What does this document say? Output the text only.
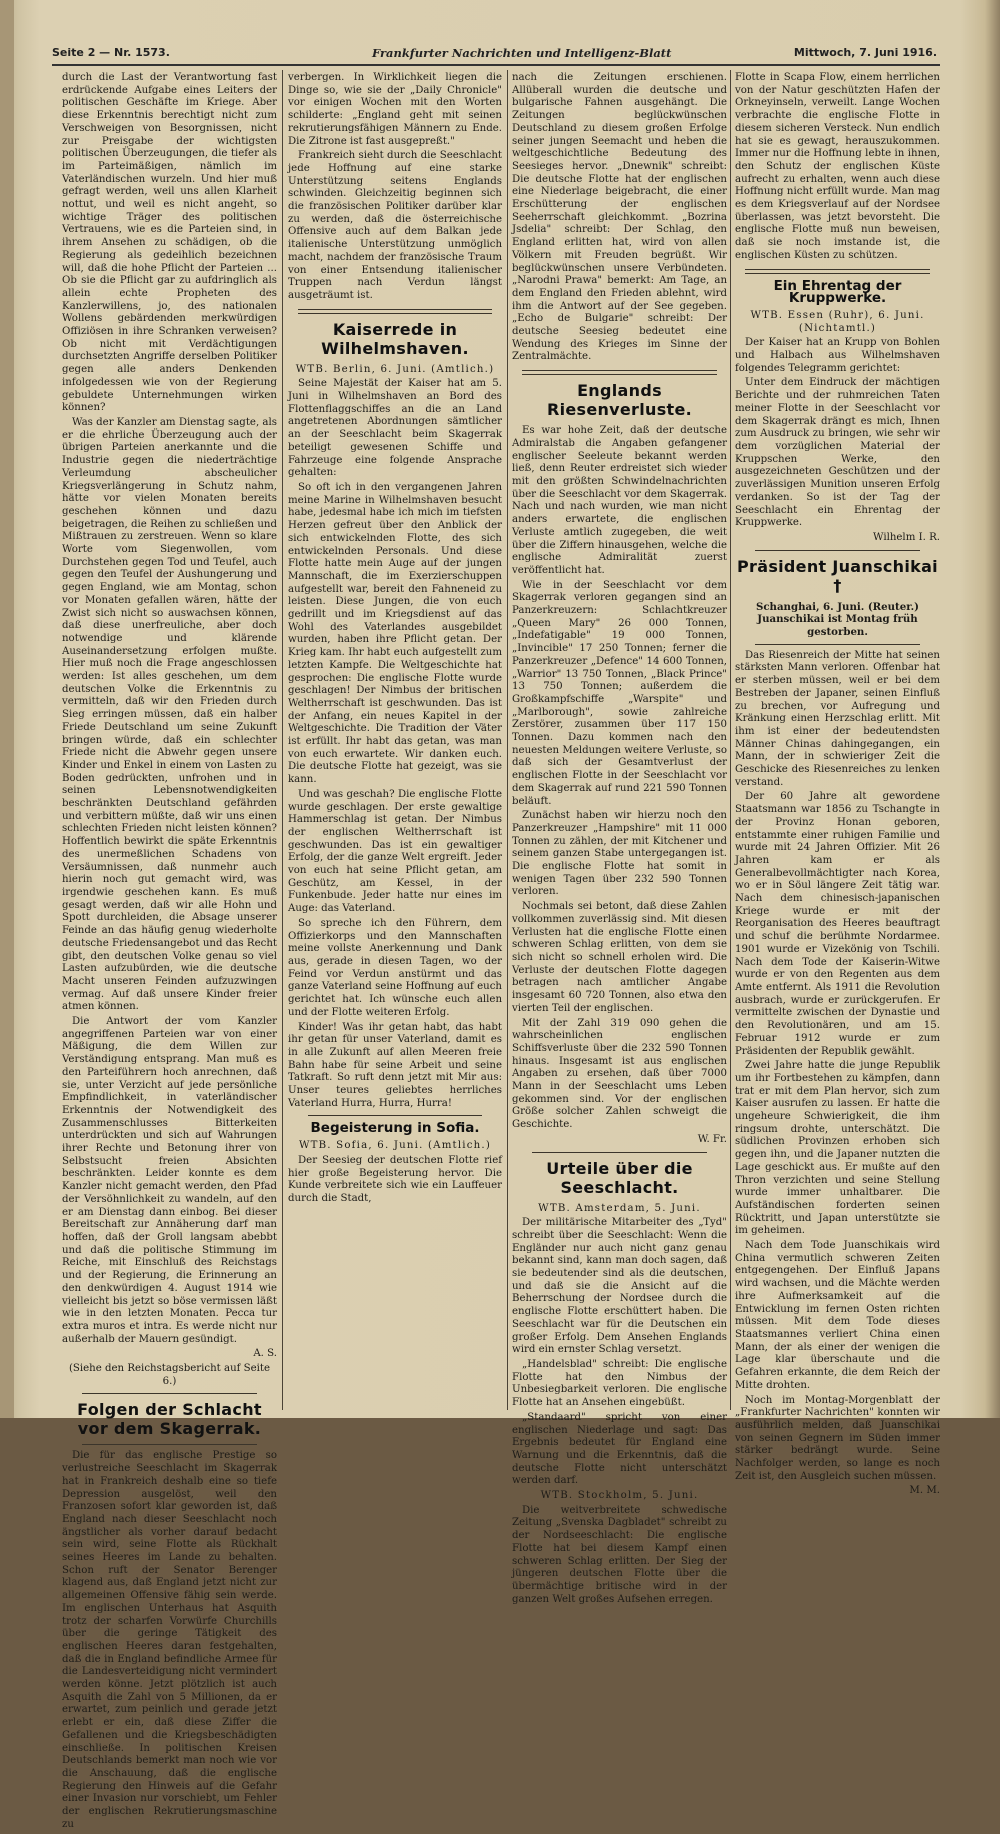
Seite 2 — Nr. 1573.	Frankfurter Nachrichten und Intelligenz-Blatt	Mittwoch, 7. Juni 1916.

durch die Last der Verantwortung fast erdrückende Aufgabe eines Leiters der politischen Geschäfte im Kriege. Aber diese Erkenntnis berechtigt nicht zum Verschweigen von Besorgnissen, nicht zur Preisgabe der wichtigsten politischen Überzeugungen, die tiefer als im Parteimäßigen, nämlich im Vaterländischen wurzeln. Und hier muß gefragt werden, weil uns allen Klarheit nottut, und weil es nicht angeht, so wichtige Träger des politischen Vertrauens, wie es die Parteien sind, in ihrem Ansehen zu schädigen, ob die Regierung als gedeihlich bezeichnen will, daß die hohe Pflicht der Parteien ... Ob sie die Pflicht gar zu aufdringlich als allein echte Propheten des Kanzlerwillens, jo, des nationalen Wollens gebärdenden merkwürdigen Offiziösen in ihre Schranken verweisen? Ob nicht mit Verdächtigungen durchsetzten Angriffe derselben Politiker gegen alle anders Denkenden infolgedessen wie von der Regierung gebuldete Unternehmungen wirken können?

Was der Kanzler am Dienstag sagte, als er die ehrliche Überzeugung auch der übrigen Parteien anerkannte und die Industrie gegen die niederträchtige Verleumdung abscheulicher Kriegsverlängerung in Schutz nahm, hätte vor vielen Monaten bereits geschehen können und dazu beigetragen, die Reihen zu schließen und Mißtrauen zu zerstreuen. Wenn so klare Worte vom Siegenwollen, vom Durchstehen gegen Tod und Teufel, auch gegen den Teufel der Aushungerung und gegen England, wie am Montag, schon vor Monaten gefallen wären, hätte der Zwist sich nicht so auswachsen können, daß diese unerfreuliche, aber doch notwendige und klärende Auseinandersetzung erfolgen mußte. Hier muß noch die Frage angeschlossen werden: Ist alles geschehen, um dem deutschen Volke die Erkenntnis zu vermitteln, daß wir den Frieden durch Sieg erringen müssen, daß ein halber Friede Deutschland um seine Zukunft bringen würde, daß ein schlechter Friede nicht die Abwehr gegen unsere Kinder und Enkel in einem von Lasten zu Boden gedrückten, unfrohen und in seinen Lebensnotwendigkeiten beschränkten Deutschland gefährden und verbittern müßte, daß wir uns einen schlechten Frieden nicht leisten können? Hoffentlich bewirkt die späte Erkenntnis des unermeßlichen Schadens von Versäumnissen, daß nunmehr auch hierin noch gut gemacht wird, was irgendwie geschehen kann. Es muß gesagt werden, daß wir alle Hohn und Spott durchleiden, die Absage unserer Feinde an das häufig genug wiederholte deutsche Friedensangebot und das Recht gibt, den deutschen Volke genau so viel Lasten aufzubürden, wie die deutsche Macht unseren Feinden aufzuzwingen vermag. Auf daß unsere Kinder freier atmen können.

Die Antwort der vom Kanzler angegriffenen Parteien war von einer Mäßigung, die dem Willen zur Verständigung entsprang. Man muß es den Parteiführern hoch anrechnen, daß sie, unter Verzicht auf jede persönliche Empfindlichkeit, in vaterländischer Erkenntnis der Notwendigkeit des Zusammenschlusses Bitterkeiten unterdrückten und sich auf Wahrungen ihrer Rechte und Betonung ihrer von Selbstsucht freien Absichten beschränkten. Leider konnte es dem Kanzler nicht gemacht werden, den Pfad der Versöhnlichkeit zu wandeln, auf den er am Dienstag dann einbog. Bei dieser Bereitschaft zur Annäherung darf man hoffen, daß der Groll langsam abebbt und daß die politische Stimmung im Reiche, mit Einschluß des Reichstags und der Regierung, die Erinnerung an den denkwürdigen 4. August 1914 wie vielleicht bis jetzt so böse vermissen läßt wie in den letzten Monaten. Pecca tur extra muros et intra. Es werde nicht nur außerhalb der Mauern gesündigt.

A. S.

(Siehe den Reichstagsbericht auf Seite 6.)

Folgen der Schlacht vor dem Skagerrak.

Die für das englische Prestige so verlustreiche Seeschlacht im Skagerrak hat in Frankreich deshalb eine so tiefe Depression ausgelöst, weil den Franzosen sofort klar geworden ist, daß England nach dieser Seeschlacht noch ängstlicher als vorher darauf bedacht sein wird, seine Flotte als Rückhalt seines Heeres im Lande zu behalten. Schon ruft der Senator Berenger klagend aus, daß England jetzt nicht zur allgemeinen Offensive fähig sein werde. Im englischen Unterhaus hat Asquith trotz der scharfen Vorwürfe Churchills über die geringe Tätigkeit des englischen Heeres daran festgehalten, daß die in England befindliche Armee für die Landesverteidigung nicht vermindert werden könne. Jetzt plötzlich ist auch Asquith die Zahl von 5 Millionen, da er erwartet, zum peinlich und gerade jetzt erlebt er ein, daß diese Ziffer die Gefallenen und die Kriegsbeschädigten einschließe. In politischen Kreisen Deutschlands bemerkt man noch wie vor die Anschauung, daß die englische Regierung den Hinweis auf die Gefahr einer Invasion nur vorschiebt, um Fehler der englischen Rekrutierungsmaschine zu

verbergen. In Wirklichkeit liegen die Dinge so, wie sie der „Daily Chronicle" vor einigen Wochen mit den Worten schilderte: „England geht mit seinen rekrutierungsfähigen Männern zu Ende. Die Zitrone ist fast ausgepreßt."

Frankreich sieht durch die Seeschlacht jede Hoffnung auf eine starke Unterstützung seitens Englands schwinden. Gleichzeitig beginnen sich die französischen Politiker darüber klar zu werden, daß die österreichische Offensive auch auf dem Balkan jede italienische Unterstützung unmöglich macht, nachdem der französische Traum von einer Entsendung italienischer Truppen nach Verdun längst ausgeträumt ist.

Kaiserrede in Wilhelmshaven.

WTB. Berlin, 6. Juni. (Amtlich.)

Seine Majestät der Kaiser hat am 5. Juni in Wilhelmshaven an Bord des Flottenflaggschiffes an die an Land angetretenen Abordnungen sämtlicher an der Seeschlacht beim Skagerrak beteiligt gewesenen Schiffe und Fahrzeuge eine folgende Ansprache gehalten:

So oft ich in den vergangenen Jahren meine Marine in Wilhelmshaven besucht habe, jedesmal habe ich mich im tiefsten Herzen gefreut über den Anblick der sich entwickelnden Flotte, des sich entwickelnden Personals. Und diese Flotte hatte mein Auge auf der jungen Mannschaft, die im Exerzierschuppen aufgestellt war, bereit den Fahneneid zu leisten. Diese Jungen, die von euch gedrillt und im Kriegsdienst auf das Wohl des Vaterlandes ausgebildet wurden, haben ihre Pflicht getan. Der Krieg kam. Ihr habt euch aufgestellt zum letzten Kampfe. Die Weltgeschichte hat gesprochen: Die englische Flotte wurde geschlagen! Der Nimbus der britischen Weltherrschaft ist geschwunden. Das ist der Anfang, ein neues Kapitel in der Weltgeschichte. Die Tradition der Väter ist erfüllt. Ihr habt das getan, was man von euch erwartete. Wir danken euch. Die deutsche Flotte hat gezeigt, was sie kann.

Und was geschah? Die englische Flotte wurde geschlagen. Der erste gewaltige Hammerschlag ist getan. Der Nimbus der englischen Weltherrschaft ist geschwunden. Das ist ein gewaltiger Erfolg, der die ganze Welt ergreift. Jeder von euch hat seine Pflicht getan, am Geschütz, am Kessel, in der Funkenbude. Jeder hatte nur eines im Auge: das Vaterland.

So spreche ich den Führern, dem Offizierkorps und den Mannschaften meine vollste Anerkennung und Dank aus, gerade in diesen Tagen, wo der Feind vor Verdun anstürmt und das ganze Vaterland seine Hoffnung auf euch gerichtet hat. Ich wünsche euch allen und der Flotte weiteren Erfolg.

Kinder! Was ihr getan habt, das habt ihr getan für unser Vaterland, damit es in alle Zukunft auf allen Meeren freie Bahn habe für seine Arbeit und seine Tatkraft. So ruft denn jetzt mit Mir aus: Unser teures geliebtes herrliches Vaterland Hurra, Hurra, Hurra!

Begeisterung in Sofia.

WTB. Sofia, 6. Juni. (Amtlich.)

Der Seesieg der deutschen Flotte rief hier große Begeisterung hervor. Die Kunde verbreitete sich wie ein Lauffeuer durch die Stadt,

nach die Zeitungen erschienen. Allüberall wurden die deutsche und bulgarische Fahnen ausgehängt. Die Zeitungen beglückwünschen Deutschland zu diesem großen Erfolge seiner jungen Seemacht und heben die weltgeschichtliche Bedeutung des Seesieges hervor. „Dnewnik" schreibt: Die deutsche Flotte hat der englischen eine Niederlage beigebracht, die einer Erschütterung der englischen Seeherrschaft gleichkommt. „Bozrina Jsdelia" schreibt: Der Schlag, den England erlitten hat, wird von allen Völkern mit Freuden begrüßt. Wir beglückwünschen unsere Verbündeten. „Narodni Prawa" bemerkt: Am Tage, an dem England den Frieden ablehnt, wird ihm die Antwort auf der See gegeben. „Echo de Bulgarie" schreibt: Der deutsche Seesieg bedeutet eine Wendung des Krieges im Sinne der Zentralmächte.

Englands Riesenverluste.

Es war hohe Zeit, daß der deutsche Admiralstab die Angaben gefangener englischer Seeleute bekannt werden ließ, denn Reuter erdreistet sich wieder mit den größten Schwindelnachrichten über die Seeschlacht vor dem Skagerrak. Nach und nach wurden, wie man nicht anders erwartete, die englischen Verluste amtlich zugegeben, die weit über die Ziffern hinausgehen, welche die englische Admiralität zuerst veröffentlicht hat.

Wie in der Seeschlacht vor dem Skagerrak verloren gegangen sind an Panzerkreuzern: Schlachtkreuzer „Queen Mary" 26 000 Tonnen, „Indefatigable" 19 000 Tonnen, „Invincible" 17 250 Tonnen; ferner die Panzerkreuzer „Defence" 14 600 Tonnen, „Warrior" 13 750 Tonnen, „Black Prince" 13 750 Tonnen; außerdem die Großkampfschiffe „Warspite" und „Marlborough", sowie zahlreiche Zerstörer, zusammen über 117 150 Tonnen. Dazu kommen nach den neuesten Meldungen weitere Verluste, so daß sich der Gesamtverlust der englischen Flotte in der Seeschlacht vor dem Skagerrak auf rund 221 590 Tonnen beläuft.

Zunächst haben wir hierzu noch den Panzerkreuzer „Hampshire" mit 11 000 Tonnen zu zählen, der mit Kitchener und seinem ganzen Stabe untergegangen ist. Die englische Flotte hat somit in wenigen Tagen über 232 590 Tonnen verloren.

Nochmals sei betont, daß diese Zahlen vollkommen zuverlässig sind. Mit diesen Verlusten hat die englische Flotte einen schweren Schlag erlitten, von dem sie sich nicht so schnell erholen wird. Die Verluste der deutschen Flotte dagegen betragen nach amtlicher Angabe insgesamt 60 720 Tonnen, also etwa den vierten Teil der englischen.

Mit der Zahl 319 090 gehen die wahrscheinlichen englischen Schiffsverluste über die 232 590 Tonnen hinaus. Insgesamt ist aus englischen Angaben zu ersehen, daß über 7000 Mann in der Seeschlacht ums Leben gekommen sind. Vor der englischen Größe solcher Zahlen schweigt die Geschichte.

W. Fr.

Urteile über die Seeschlacht.

WTB. Amsterdam, 5. Juni.

Der militärische Mitarbeiter des „Tyd" schreibt über die Seeschlacht: Wenn die Engländer nur auch nicht ganz genau bekannt sind, kann man doch sagen, daß sie bedeutender sind als die deutschen, und daß sie die Ansicht auf die Beherrschung der Nordsee durch die englische Flotte erschüttert haben. Die Seeschlacht war für die Deutschen ein großer Erfolg. Dem Ansehen Englands wird ein ernster Schlag versetzt.

„Handelsblad" schreibt: Die englische Flotte hat den Nimbus der Unbesiegbarkeit verloren. Die englische Flotte hat an Ansehen eingebüßt.

„Standaard" spricht von einer englischen Niederlage und sagt: Das Ergebnis bedeutet für England eine Warnung und die Erkenntnis, daß die deutsche Flotte nicht unterschätzt werden darf.

WTB. Stockholm, 5. Juni.

Die weitverbreitete schwedische Zeitung „Svenska Dagbladet" schreibt zu der Nordseeschlacht: Die englische Flotte hat bei diesem Kampf einen schweren Schlag erlitten. Der Sieg der jüngeren deutschen Flotte über die übermächtige britische wird in der ganzen Welt großes Aufsehen erregen.

Flotte in Scapa Flow, einem herrlichen von der Natur geschützten Hafen der Orkneyinseln, verweilt. Lange Wochen verbrachte die englische Flotte in diesem sicheren Versteck. Nun endlich hat sie es gewagt, herauszukommen. Immer nur die Hoffnung lebte in ihnen, den Schutz der englischen Küste aufrecht zu erhalten, wenn auch diese Hoffnung nicht erfüllt wurde. Man mag es dem Kriegsverlauf auf der Nordsee überlassen, was jetzt bevorsteht. Die englische Flotte muß nun beweisen, daß sie noch imstande ist, die englischen Küsten zu schützen.

Ein Ehrentag der Kruppwerke.

WTB. Essen (Ruhr), 6. Juni. (Nichtamtl.)

Der Kaiser hat an Krupp von Bohlen und Halbach aus Wilhelmshaven folgendes Telegramm gerichtet:

Unter dem Eindruck der mächtigen Berichte und der ruhmreichen Taten meiner Flotte in der Seeschlacht vor dem Skagerrak drängt es mich, Ihnen zum Ausdruck zu bringen, wie sehr wir dem vorzüglichen Material der Kruppschen Werke, den ausgezeichneten Geschützen und der zuverlässigen Munition unseren Erfolg verdanken. So ist der Tag der Seeschlacht ein Ehrentag der Kruppwerke.

Wilhelm I. R.

Präsident Juanschikai †

Schanghai, 6. Juni. (Reuter.) Juanschikai ist Montag früh gestorben.

Das Riesenreich der Mitte hat seinen stärksten Mann verloren. Offenbar hat er sterben müssen, weil er bei dem Bestreben der Japaner, seinen Einfluß zu brechen, vor Aufregung und Kränkung einen Herzschlag erlitt. Mit ihm ist einer der bedeutendsten Männer Chinas dahingegangen, ein Mann, der in schwieriger Zeit die Geschicke des Riesenreiches zu lenken verstand.

Der 60 Jahre alt gewordene Staatsmann war 1856 zu Tschangte in der Provinz Honan geboren, entstammte einer ruhigen Familie und wurde mit 24 Jahren Offizier. Mit 26 Jahren kam er als Generalbevollmächtigter nach Korea, wo er in Söul längere Zeit tätig war. Nach dem chinesisch-japanischen Kriege wurde er mit der Reorganisation des Heeres beauftragt und schuf die berühmte Nordarmee. 1901 wurde er Vizekönig von Tschili. Nach dem Tode der Kaiserin-Witwe wurde er von den Regenten aus dem Amte entfernt. Als 1911 die Revolution ausbrach, wurde er zurückgerufen. Er vermittelte zwischen der Dynastie und den Revolutionären, und am 15. Februar 1912 wurde er zum Präsidenten der Republik gewählt.

Zwei Jahre hatte die junge Republik um ihr Fortbestehen zu kämpfen, dann trat er mit dem Plan hervor, sich zum Kaiser ausrufen zu lassen. Er hatte die ungeheure Schwierigkeit, die ihm ringsum drohte, unterschätzt. Die südlichen Provinzen erhoben sich gegen ihn, und die Japaner nutzten die Lage geschickt aus. Er mußte auf den Thron verzichten und seine Stellung wurde immer unhaltbarer. Die Aufständischen forderten seinen Rücktritt, und Japan unterstützte sie im geheimen.

Nach dem Tode Juanschikais wird China vermutlich schweren Zeiten entgegengehen. Der Einfluß Japans wird wachsen, und die Mächte werden ihre Aufmerksamkeit auf die Entwicklung im fernen Osten richten müssen. Mit dem Tode dieses Staatsmannes verliert China einen Mann, der als einer der wenigen die Lage klar überschaute und die Gefahren erkannte, die dem Reich der Mitte drohten.

Noch im Montag-Morgenblatt der „Frankfurter Nachrichten" konnten wir ausführlich melden, daß Juanschikai von seinen Gegnern im Süden immer stärker bedrängt wurde. Seine Nachfolger werden, so lange es noch Zeit ist, den Ausgleich suchen müssen.

M. M.
